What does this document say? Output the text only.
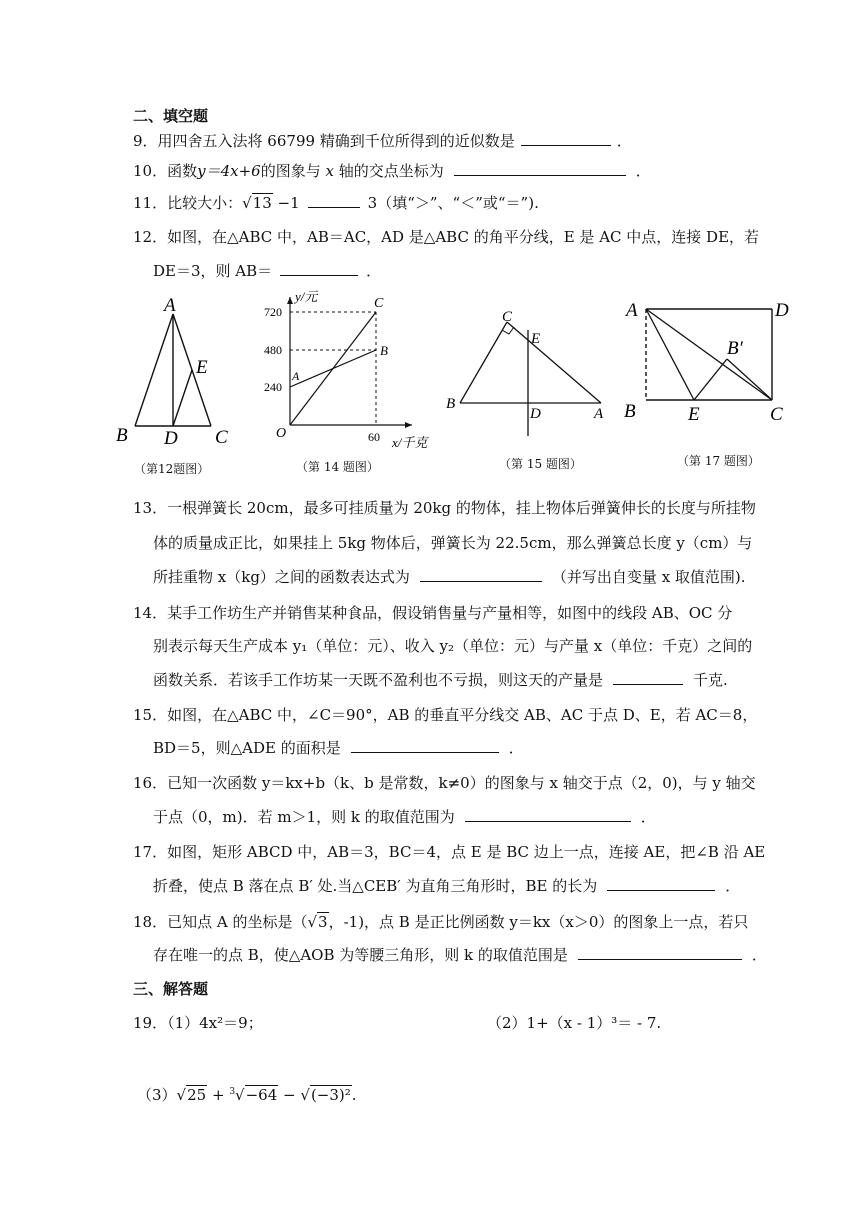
二、填空题
9．用四舍五入法将 66799 精确到千位所得到的近似数是	．
10．函数y＝4x+6的图象与 x 轴的交点坐标为	．
11．比较大小：√13 −1	3（填“＞”、“＜”或“＝”).
12．如图，在△ABC 中，AB＝AC，AD 是△ABC 的角平分线，E 是 AC 中点，连接 DE，若
DE＝3，则 AB＝	．
A
B	C
D
E
（第12题图）
y/元
720
480
240
O	60 x/千克
A
B
C
（第 14 题图）
C
E
B
D	A
（第 15 题图）
A	D
B	E	C
B′
（第 17 题图）
13．一根弹簧长 20cm，最多可挂质量为 20kg 的物体，挂上物体后弹簧伸长的长度与所挂物
体的质量成正比，如果挂上 5kg 物体后，弹簧长为 22.5cm，那么弹簧总长度 y（cm）与
所挂重物 x（kg）之间的函数表达式为	（并写出自变量 x 取值范围).
14．某手工作坊生产并销售某种食品，假设销售量与产量相等，如图中的线段 AB、OC 分
别表示每天生产成本 y₁（单位：元）、收入 y₂（单位：元）与产量 x（单位：千克）之间的
函数关系．若该手工作坊某一天既不盈利也不亏损，则这天的产量是	千克.
15．如图，在△ABC 中，∠C＝90°，AB 的垂直平分线交 AB、AC 于点 D、E，若 AC＝8，
BD＝5，则△ADE 的面积是	．
16．已知一次函数 y＝kx+b（k、b 是常数，k≠0）的图象与 x 轴交于点（2，0)，与 y 轴交
于点（0，m)．若 m＞1，则 k 的取值范围为	．
17．如图，矩形 ABCD 中，AB＝3，BC＝4，点 E 是 BC 边上一点，连接 AE，把∠B 沿 AE
折叠，使点 B 落在点 B′ 处.当△CEB′ 为直角三角形时，BE 的长为	．
18．已知点 A 的坐标是（√3，-1)，点 B 是正比例函数 y＝kx（x＞0）的图象上一点，若只
存在唯一的点 B，使△AOB 为等腰三角形，则 k 的取值范围是	．
三、解答题
19．（1）4x²＝9；	（2）1+（x - 1）³＝ - 7.
（3）√25 + $^3$√−64 − √(−3)².
